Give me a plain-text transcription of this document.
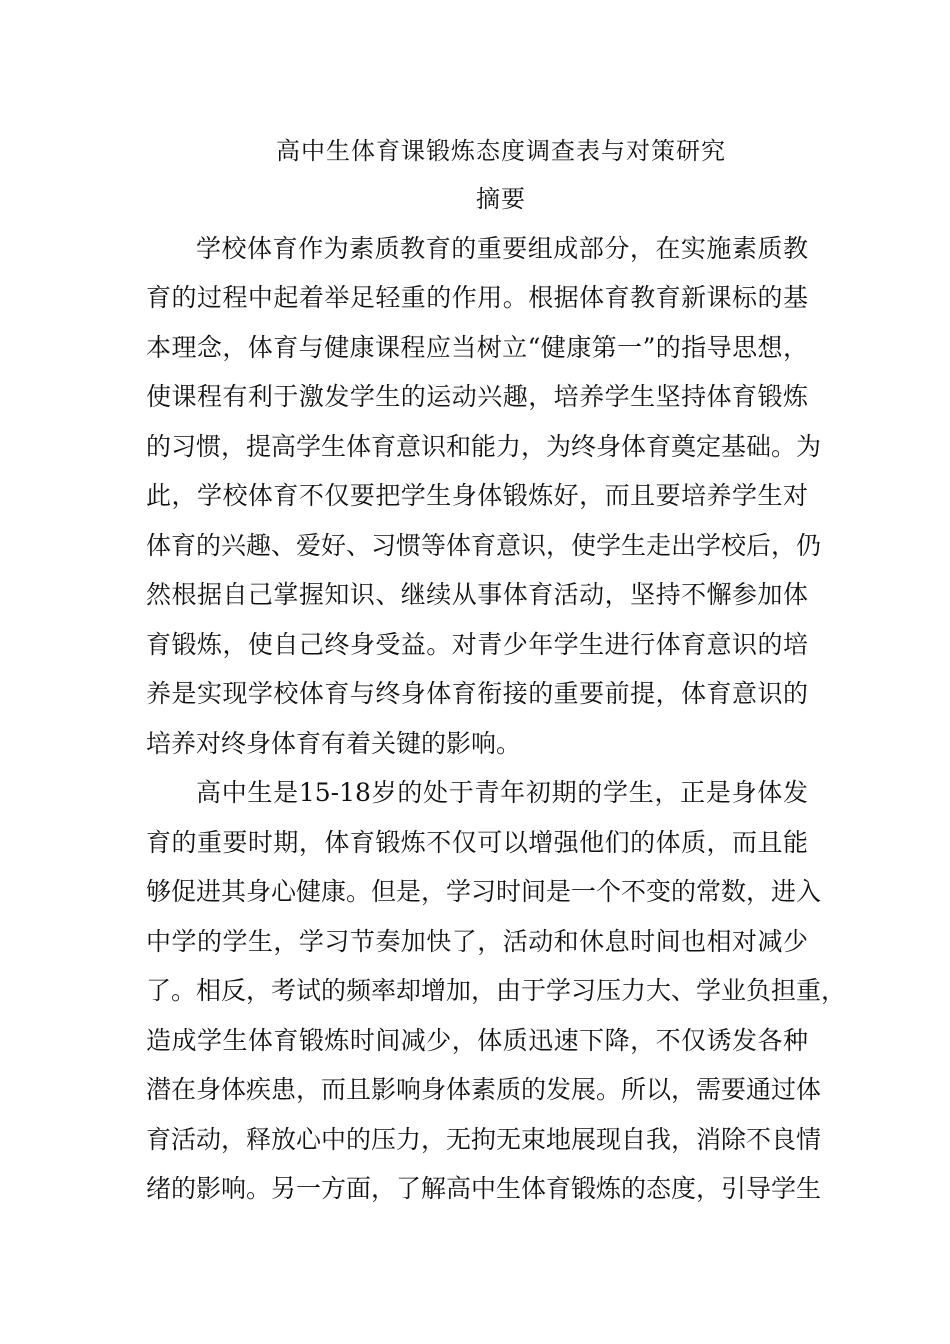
高中生体育课锻炼态度调查表与对策研究
摘要
学校体育作为素质教育的重要组成部分，在实施素质教
育的过程中起着举足轻重的作用。根据体育教育新课标的基
本理念，体育与健康课程应当树立“健康第一”的指导思想，
使课程有利于激发学生的运动兴趣，培养学生坚持体育锻炼
的习惯，提高学生体育意识和能力，为终身体育奠定基础。为
此，学校体育不仅要把学生身体锻炼好，而且要培养学生对
体育的兴趣、爱好、习惯等体育意识，使学生走出学校后，仍
然根据自己掌握知识、继续从事体育活动，坚持不懈参加体
育锻炼，使自己终身受益。对青少年学生进行体育意识的培
养是实现学校体育与终身体育衔接的重要前提，体育意识的
培养对终身体育有着关键的影响。
高中生是15-18岁的处于青年初期的学生，正是身体发
育的重要时期，体育锻炼不仅可以增强他们的体质，而且能
够促进其身心健康。但是，学习时间是一个不变的常数，进入
中学的学生，学习节奏加快了，活动和休息时间也相对减少
了。相反，考试的频率却增加，由于学习压力大、学业负担重，
造成学生体育锻炼时间减少，体质迅速下降，不仅诱发各种
潜在身体疾患，而且影响身体素质的发展。所以，需要通过体
育活动，释放心中的压力，无拘无束地展现自我，消除不良情
绪的影响。另一方面，了解高中生体育锻炼的态度，引导学生
